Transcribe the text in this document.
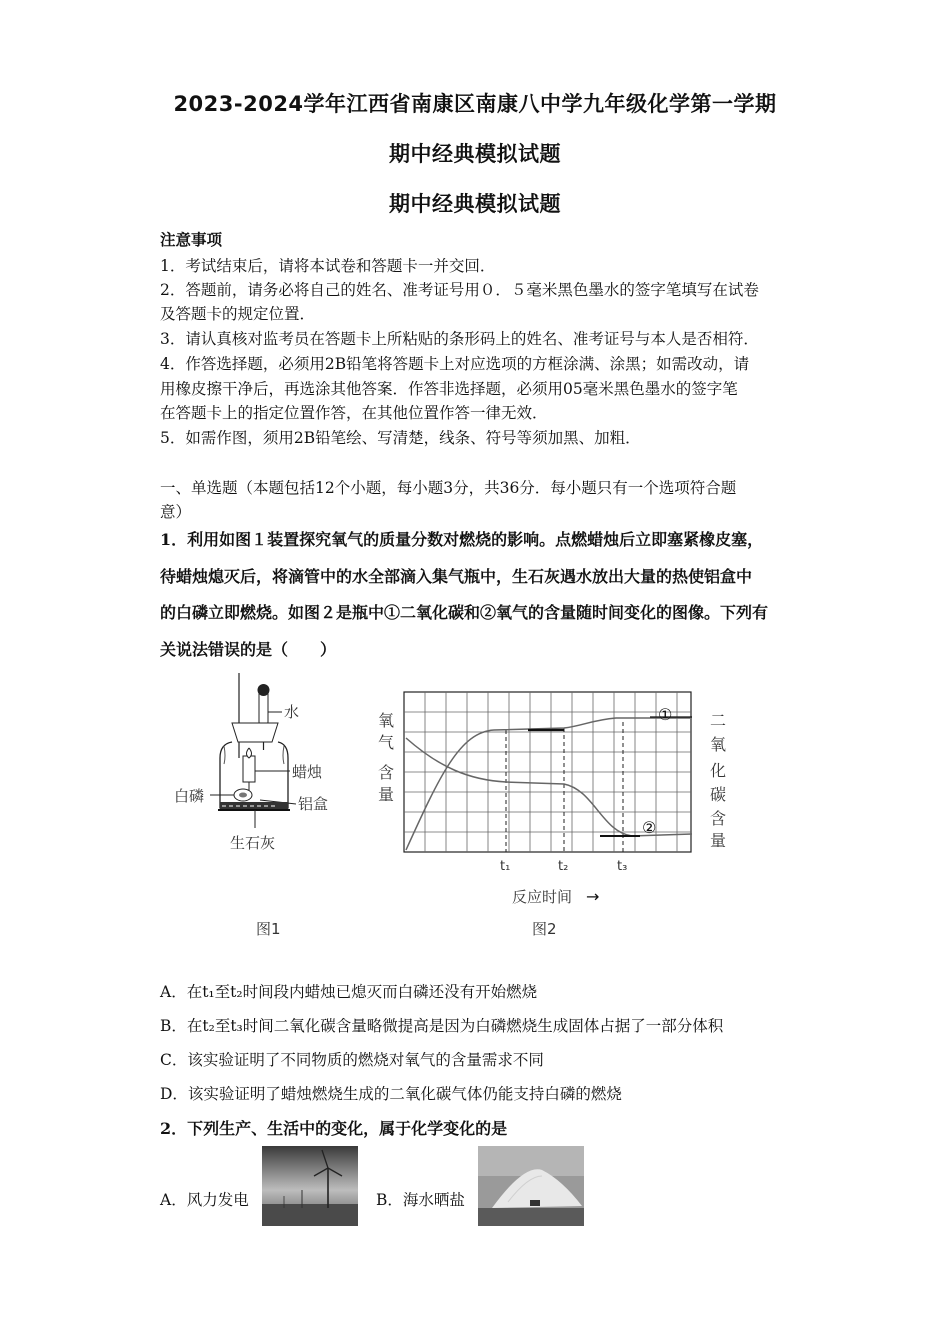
2023-2024学年江西省南康区南康八中学九年级化学第一学期
期中经典模拟试题
期中经典模拟试题
注意事项
1．考试结束后，请将本试卷和答题卡一并交回．
2．答题前，请务必将自己的姓名、准考证号用０．５毫米黑色墨水的签字笔填写在试卷
及答题卡的规定位置．
3．请认真核对监考员在答题卡上所粘贴的条形码上的姓名、准考证号与本人是否相符．
4．作答选择题，必须用2B铅笔将答题卡上对应选项的方框涂满、涂黑；如需改动，请
用橡皮擦干净后，再选涂其他答案．作答非选择题，必须用05毫米黑色墨水的签字笔
在答题卡上的指定位置作答，在其他位置作答一律无效．
5．如需作图，须用2B铅笔绘、写清楚，线条、符号等须加黑、加粗．
一、单选题（本题包括12个小题，每小题3分，共36分．每小题只有一个选项符合题
意）
1．利用如图１装置探究氧气的质量分数对燃烧的影响。点燃蜡烛后立即塞紧橡皮塞，
待蜡烛熄灭后，将滴管中的水全部滴入集气瓶中，生石灰遇水放出大量的热使铝盒中
的白磷立即燃烧。如图２是瓶中①二氧化碳和②氧气的含量随时间变化的图像。下列有
关说法错误的是（　　）
水
蜡烛
白磷	铝盒
生石灰
图1
①
②
氧
气
含
量
二
氧
化
碳
含
量
t₁	t₂	t₃
反应时间 →
图2
A．在t₁至t₂时间段内蜡烛已熄灭而白磷还没有开始燃烧
B．在t₂至t₃时间二氧化碳含量略微提高是因为白磷燃烧生成固体占据了一部分体积
C．该实验证明了不同物质的燃烧对氧气的含量需求不同
D．该实验证明了蜡烛燃烧生成的二氧化碳气体仍能支持白磷的燃烧
2．下列生产、生活中的变化，属于化学变化的是
A．风力发电	B．海水晒盐
